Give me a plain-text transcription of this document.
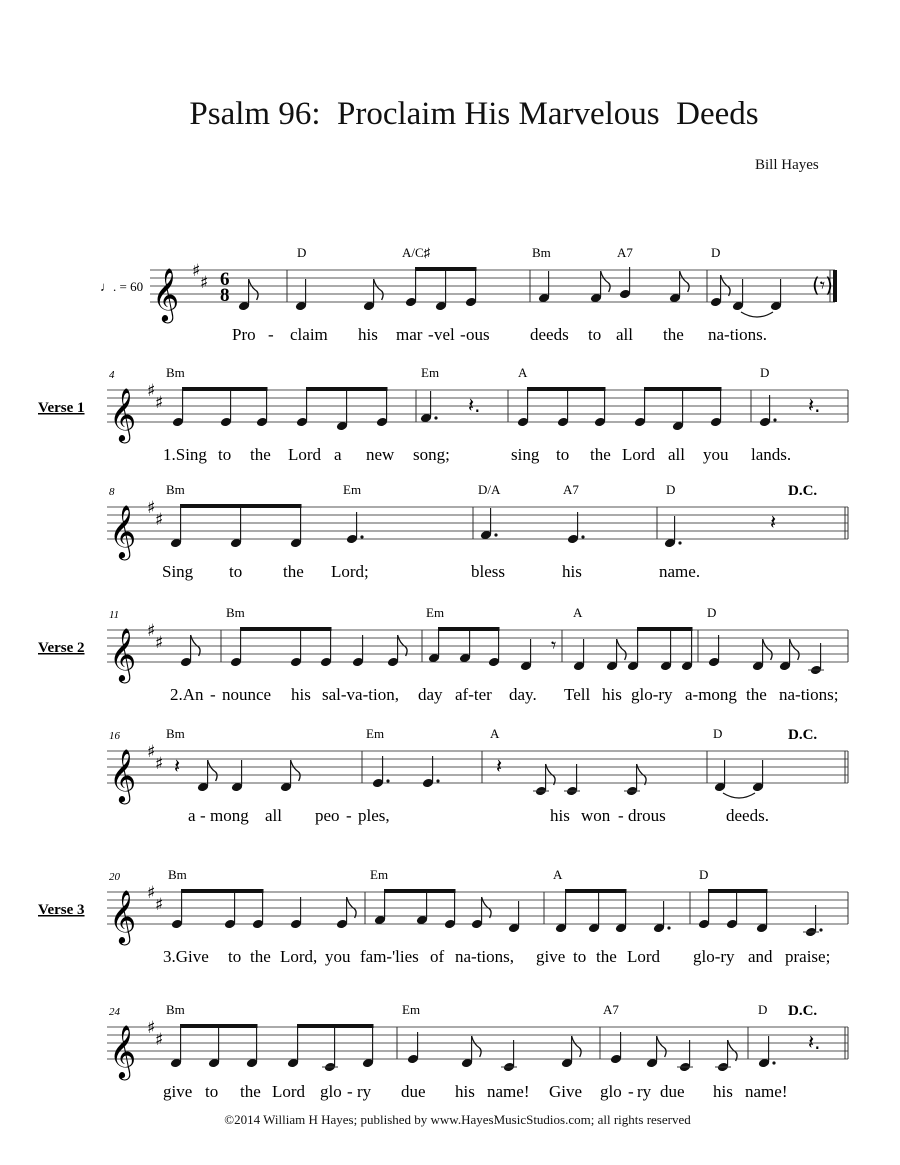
Psalm 96:  Proclaim His Marvelous  Deeds
Bill Hayes
𝄞 ♯
♯ 6
8
♩. = 60
D	A/C♯	Bm	A7	D
(𝄾)
Pro - claim his mar - vel - ous deeds to all the na-tions.
𝄞 ♯
♯
4
Verse 1
Bm	Em	A	D
𝄽.	𝄽.
1.Sing to the Lord a new song;	sing to the Lord all you lands.
𝄞 ♯
♯
8	D.C.
Bm	Em	D/A	A7	D
𝄽
Sing to the Lord;	bless	his	name.
𝄞 ♯
♯
11
Verse 2
Bm	Em	A	D
𝄾
2.An - nounce his sal-va-tion, day af-ter day. Tell his glo-ry a-mong the na-tions;
𝄞 ♯
♯
16	D.C.
Bm	Em	A	D
𝄽	𝄽
a - mong all peo - ples,	his won - drous	deeds.
𝄞 ♯
♯
20
Verse 3
Bm	Em	A	D
3.Give to the Lord, you fam-'lies of na-tions, give to the Lord glo-ry and praise;
𝄞 ♯
♯
24	D.C.
Bm	Em	A7	D
𝄽.
give to the Lord glo - ry due his name! Give glo - ry due his name!
©2014 William H Hayes; published by www.HayesMusicStudios.com; all rights reserved
